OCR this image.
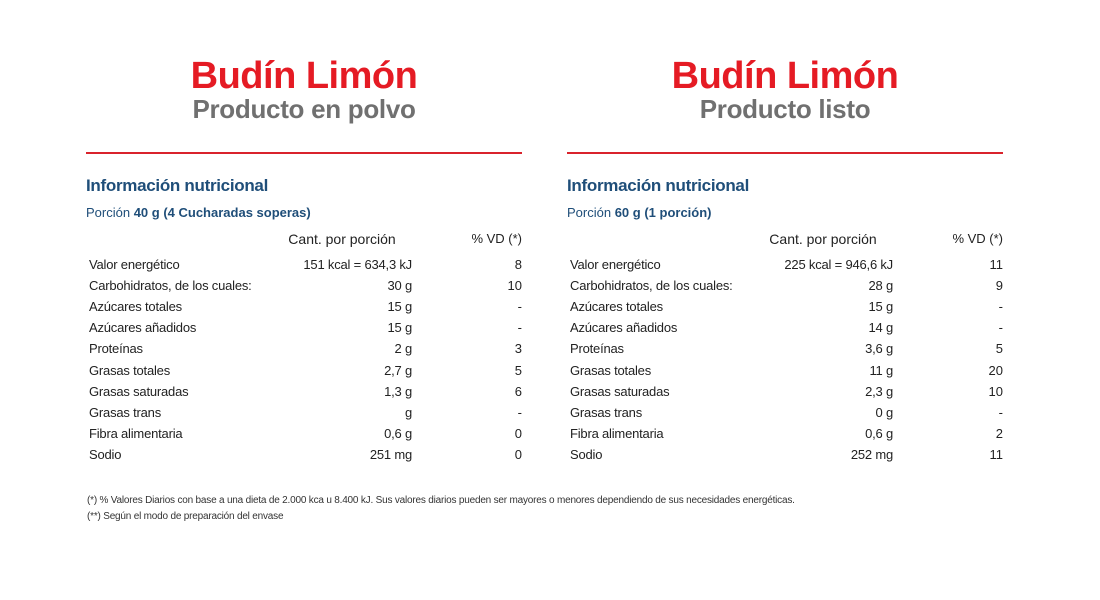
Budín Limón
Producto en polvo
Información nutricional
Porción 40 g (4 Cucharadas soperas)
Cant. por porción	% VD (*)
Valor energético	151 kcal = 634,3 kJ	8
Carbohidratos, de los cuales:	30 g	10
Azúcares totales	15 g	-
Azúcares añadidos	15 g	-
Proteínas	2 g	3
Grasas totales	2,7 g	5
Grasas saturadas	1,3 g	6
Grasas trans	g	-
Fibra alimentaria	0,6 g	0
Sodio	251 mg	0
Budín Limón
Producto listo
Información nutricional
Porción 60 g (1 porción)
Cant. por porción	% VD (*)
Valor energético	225 kcal = 946,6 kJ	11
Carbohidratos, de los cuales:	28 g	9
Azúcares totales	15 g	-
Azúcares añadidos	14 g	-
Proteínas	3,6 g	5
Grasas totales	11 g	20
Grasas saturadas	2,3 g	10
Grasas trans	0 g	-
Fibra alimentaria	0,6 g	2
Sodio	252 mg	11
(*) % Valores Diarios con base a una dieta de 2.000 kca u 8.400 kJ. Sus valores diarios pueden ser mayores o menores dependiendo de sus necesidades energéticas.
(**) Según el modo de preparación del envase
